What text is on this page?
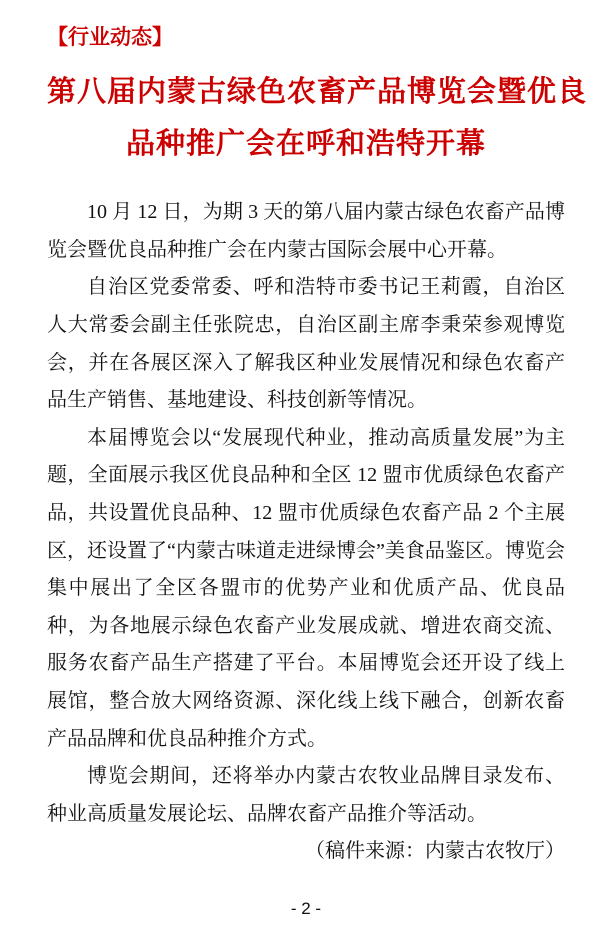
【行业动态】
第八届内蒙古绿色农畜产品博览会暨优良
品种推广会在呼和浩特开幕

10 月 12 日，为期 3 天的第八届内蒙古绿色农畜产品博览会暨优良品种推广会在内蒙古国际会展中心开幕。

自治区党委常委、呼和浩特市委书记王莉霞，自治区人大常委会副主任张院忠，自治区副主席李秉荣参观博览会，并在各展区深入了解我区种业发展情况和绿色农畜产品生产销售、基地建设、科技创新等情况。

本届博览会以“发展现代种业，推动高质量发展”为主题，全面展示我区优良品种和全区 12 盟市优质绿色农畜产品，共设置优良品种、12 盟市优质绿色农畜产品 2 个主展区，还设置了“内蒙古味道走进绿博会”美食品鉴区。博览会集中展出了全区各盟市的优势产业和优质产品、优良品种，为各地展示绿色农畜产业发展成就、增进农商交流、服务农畜产品生产搭建了平台。本届博览会还开设了线上展馆，整合放大网络资源、深化线上线下融合，创新农畜产品品牌和优良品种推介方式。

博览会期间，还将举办内蒙古农牧业品牌目录发布、种业高质量发展论坛、品牌农畜产品推介等活动。

（稿件来源：内蒙古农牧厅）
- 2 -
